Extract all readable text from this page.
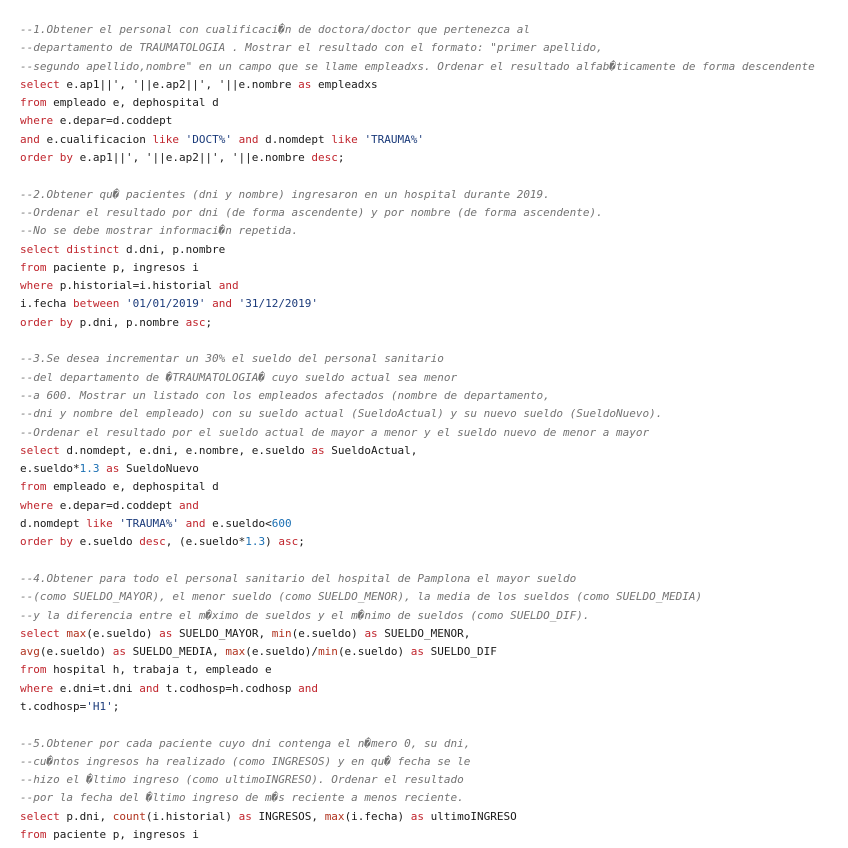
--1.Obtener el personal con cualificaci�n de doctora/doctor que pertenezca al
--departamento de TRAUMATOLOGIA . Mostrar el resultado con el formato: "primer apellido,
--segundo apellido,nombre" en un campo que se llame empleadxs. Ordenar el resultado alfab�ticamente de forma descendente
select e.ap1||', '||e.ap2||', '||e.nombre as empleadxs
from empleado e, dephospital d
where e.depar=d.coddept
and e.cualificacion like 'DOCT%' and d.nomdept like 'TRAUMA%'
order by e.ap1||', '||e.ap2||', '||e.nombre desc;
--2.Obtener qu� pacientes (dni y nombre) ingresaron en un hospital durante 2019.
--Ordenar el resultado por dni (de forma ascendente) y por nombre (de forma ascendente).
--No se debe mostrar informaci�n repetida.
select distinct d.dni, p.nombre
from paciente p, ingresos i
where p.historial=i.historial and
i.fecha between '01/01/2019' and '31/12/2019'
order by p.dni, p.nombre asc;
--3.Se desea incrementar un 30% el sueldo del personal sanitario
--del departamento de �TRAUMATOLOGIA� cuyo sueldo actual sea menor
--a 600. Mostrar un listado con los empleados afectados (nombre de departamento,
--dni y nombre del empleado) con su sueldo actual (SueldoActual) y su nuevo sueldo (SueldoNuevo).
--Ordenar el resultado por el sueldo actual de mayor a menor y el sueldo nuevo de menor a mayor
select d.nomdept, e.dni, e.nombre, e.sueldo as SueldoActual,
e.sueldo*1.3 as SueldoNuevo
from empleado e, dephospital d
where e.depar=d.coddept and
d.nomdept like 'TRAUMA%' and e.sueldo<600
order by e.sueldo desc, (e.sueldo*1.3) asc;
--4.Obtener para todo el personal sanitario del hospital de Pamplona el mayor sueldo
--(como SUELDO_MAYOR), el menor sueldo (como SUELDO_MENOR), la media de los sueldos (como SUELDO_MEDIA)
--y la diferencia entre el m�ximo de sueldos y el m�nimo de sueldos (como SUELDO_DIF).
select max(e.sueldo) as SUELDO_MAYOR, min(e.sueldo) as SUELDO_MENOR,
avg(e.sueldo) as SUELDO_MEDIA, max(e.sueldo)/min(e.sueldo) as SUELDO_DIF
from hospital h, trabaja t, empleado e
where e.dni=t.dni and t.codhosp=h.codhosp and
t.codhosp='H1';
--5.Obtener por cada paciente cuyo dni contenga el n�mero 0, su dni,
--cu�ntos ingresos ha realizado (como INGRESOS) y en qu� fecha se le
--hizo el �ltimo ingreso (como ultimoINGRESO). Ordenar el resultado
--por la fecha del �ltimo ingreso de m�s reciente a menos reciente.
select p.dni, count(i.historial) as INGRESOS, max(i.fecha) as ultimoINGRESO
from paciente p, ingresos i
